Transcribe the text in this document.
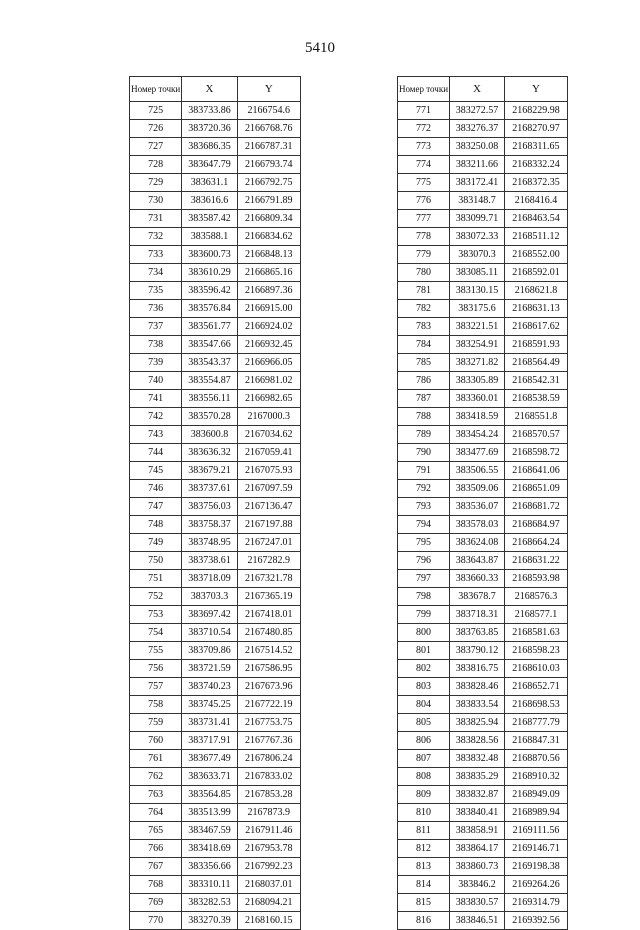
5410
Номер точки	X	Y
725	383733.86	2166754.6
726	383720.36	2166768.76
727	383686.35	2166787.31
728	383647.79	2166793.74
729	383631.1	2166792.75
730	383616.6	2166791.89
731	383587.42	2166809.34
732	383588.1	2166834.62
733	383600.73	2166848.13
734	383610.29	2166865.16
735	383596.42	2166897.36
736	383576.84	2166915.00
737	383561.77	2166924.02
738	383547.66	2166932.45
739	383543.37	2166966.05
740	383554.87	2166981.02
741	383556.11	2166982.65
742	383570.28	2167000.3
743	383600.8	2167034.62
744	383636.32	2167059.41
745	383679.21	2167075.93
746	383737.61	2167097.59
747	383756.03	2167136.47
748	383758.37	2167197.88
749	383748.95	2167247.01
750	383738.61	2167282.9
751	383718.09	2167321.78
752	383703.3	2167365.19
753	383697.42	2167418.01
754	383710.54	2167480.85
755	383709.86	2167514.52
756	383721.59	2167586.95
757	383740.23	2167673.96
758	383745.25	2167722.19
759	383731.41	2167753.75
760	383717.91	2167767.36
761	383677.49	2167806.24
762	383633.71	2167833.02
763	383564.85	2167853.28
764	383513.99	2167873.9
765	383467.59	2167911.46
766	383418.69	2167953.78
767	383356.66	2167992.23
768	383310.11	2168037.01
769	383282.53	2168094.21
770	383270.39	2168160.15
Номер точки	X	Y
771	383272.57	2168229.98
772	383276.37	2168270.97
773	383250.08	2168311.65
774	383211.66	2168332.24
775	383172.41	2168372.35
776	383148.7	2168416.4
777	383099.71	2168463.54
778	383072.33	2168511.12
779	383070.3	2168552.00
780	383085.11	2168592.01
781	383130.15	2168621.8
782	383175.6	2168631.13
783	383221.51	2168617.62
784	383254.91	2168591.93
785	383271.82	2168564.49
786	383305.89	2168542.31
787	383360.01	2168538.59
788	383418.59	2168551.8
789	383454.24	2168570.57
790	383477.69	2168598.72
791	383506.55	2168641.06
792	383509.06	2168651.09
793	383536.07	2168681.72
794	383578.03	2168684.97
795	383624.08	2168664.24
796	383643.87	2168631.22
797	383660.33	2168593.98
798	383678.7	2168576.3
799	383718.31	2168577.1
800	383763.85	2168581.63
801	383790.12	2168598.23
802	383816.75	2168610.03
803	383828.46	2168652.71
804	383833.54	2168698.53
805	383825.94	2168777.79
806	383828.56	2168847.31
807	383832.48	2168870.56
808	383835.29	2168910.32
809	383832.87	2168949.09
810	383840.41	2168989.94
811	383858.91	2169111.56
812	383864.17	2169146.71
813	383860.73	2169198.38
814	383846.2	2169264.26
815	383830.57	2169314.79
816	383846.51	2169392.56
